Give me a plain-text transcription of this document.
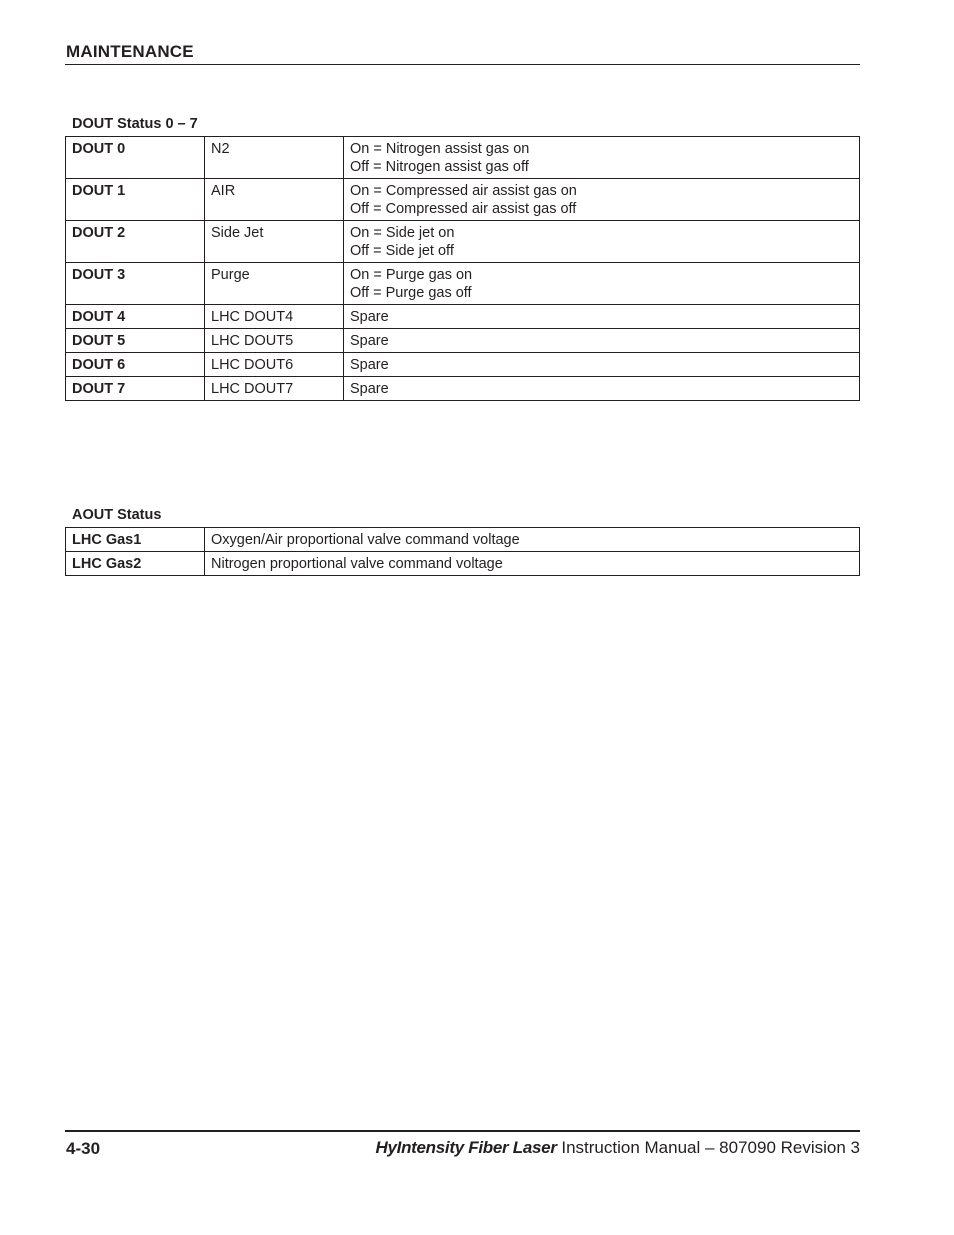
MAINTENANCE
DOUT Status 0 – 7
DOUT 0	N2	On = Nitrogen assist gas on
Off = Nitrogen assist gas off

DOUT 1	AIR	On = Compressed air assist gas on
Off = Compressed air assist gas off

DOUT 2	Side Jet	On = Side jet on
Off = Side jet off

DOUT 3	Purge	On = Purge gas on
Off = Purge gas off

DOUT 4	LHC DOUT4	Spare

DOUT 5	LHC DOUT5	Spare

DOUT 6	LHC DOUT6	Spare

DOUT 7	LHC DOUT7	Spare
AOUT Status
LHC Gas1	Oxygen/Air proportional valve command voltage
LHC Gas2	Nitrogen proportional valve command voltage
4-30	HyIntensity Fiber Laser Instruction Manual – 807090 Revision 3
